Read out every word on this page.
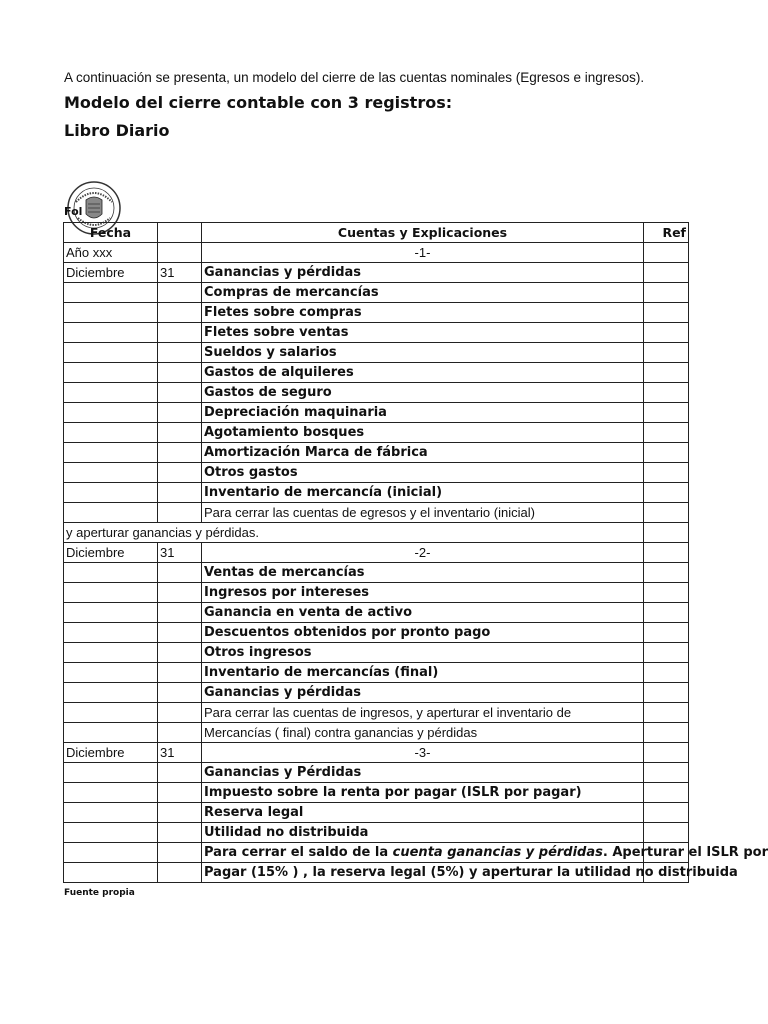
A continuación se presenta, un modelo del cierre de las cuentas nominales (Egresos e ingresos).
Modelo del cierre contable con 3 registros:
Libro Diario
Fol
Fecha		Cuentas y Explicaciones	Ref
Año xxx		-1-	
Diciembre	31	Ganancias y pérdidas	
		Compras de mercancías	
		Fletes sobre compras	
		Fletes sobre ventas	
		Sueldos y salarios	
		Gastos de alquileres	
		Gastos de seguro	
		Depreciación maquinaria	
		Agotamiento bosques	
		Amortización Marca de fábrica	
		Otros gastos	
		Inventario de mercancía (inicial)	
		Para cerrar las cuentas de egresos y el inventario (inicial)	
y aperturar ganancias y pérdidas.			
Diciembre	31	-2-	
		Ventas de mercancías	
		Ingresos por intereses	
		Ganancia en venta de activo	
		Descuentos obtenidos por pronto pago	
		Otros ingresos	
		Inventario de mercancías (final)	
		Ganancias y pérdidas	
		Para cerrar las cuentas de ingresos, y aperturar el inventario de	
		Mercancías ( final) contra ganancias y pérdidas	
Diciembre	31	-3-	
		Ganancias y Pérdidas	
		Impuesto sobre la renta por pagar (ISLR por pagar)	
		Reserva legal	
		Utilidad no distribuida	
		Para cerrar el saldo de la cuenta ganancias y pérdidas. Aperturar el ISLR por	
		Pagar (15% ) , la reserva legal (5%) y aperturar la utilidad no distribuida	
Fuente propia
